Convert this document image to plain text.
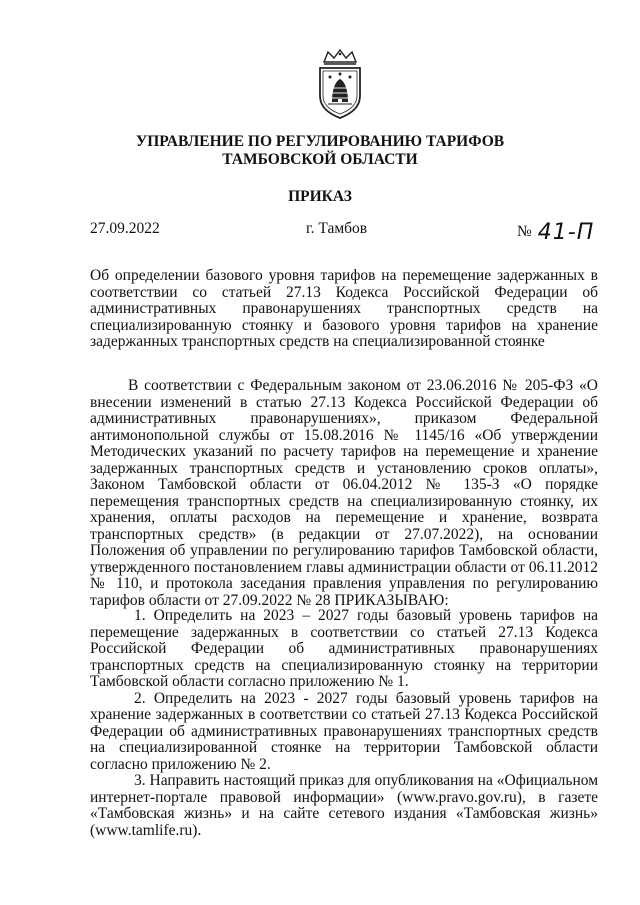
УПРАВЛЕНИЕ ПО РЕГУЛИРОВАНИЮ ТАРИФОВ
ТАМБОВСКОЙ ОБЛАСТИ
ПРИКАЗ
27.09.2022	г. Тамбов	№ 41-П

Об определении базового уровня тарифов на перемещение задержанных в соответствии со статьей 27.13 Кодекса Российской Федерации об административных правонарушениях транспортных средств на специализированную стоянку и базового уровня тарифов на хранение задержанных транспортных средств на специализированной стоянке

В соответствии с Федеральным законом от 23.06.2016 № 205-ФЗ «О внесении изменений в статью 27.13 Кодекса Российской Федерации об административных правонарушениях», приказом Федеральной антимонопольной службы от 15.08.2016 № 1145/16 «Об утверждении Методических указаний по расчету тарифов на перемещение и хранение задержанных транспортных средств и установлению сроков оплаты», Законом Тамбовской области от 06.04.2012 № 135-З «О порядке перемещения транспортных средств на специализированную стоянку, их хранения, оплаты расходов на перемещение и хранение, возврата транспортных средств» (в редакции от 27.07.2022), на основании Положения об управлении по регулированию тарифов Тамбовской области, утвержденного постановлением главы администрации области от 06.11.2012 № 110, и протокола заседания правления управления по регулированию тарифов области от 27.09.2022 № 28 ПРИКАЗЫВАЮ:

1. Определить на 2023 – 2027 годы базовый уровень тарифов на перемещение задержанных в соответствии со статьей 27.13 Кодекса Российской Федерации об административных правонарушениях транспортных средств на специализированную стоянку на территории Тамбовской области согласно приложению № 1.

2. Определить на 2023 - 2027 годы базовый уровень тарифов на хранение задержанных в соответствии со статьей 27.13 Кодекса Российской Федерации об административных правонарушениях транспортных средств на специализированной стоянке на территории Тамбовской области согласно приложению № 2.

3. Направить настоящий приказ для опубликования на «Официальном интернет-портале правовой информации» (www.pravo.gov.ru), в газете «Тамбовская жизнь» и на сайте сетевого издания «Тамбовская жизнь» (www.tamlife.ru).
